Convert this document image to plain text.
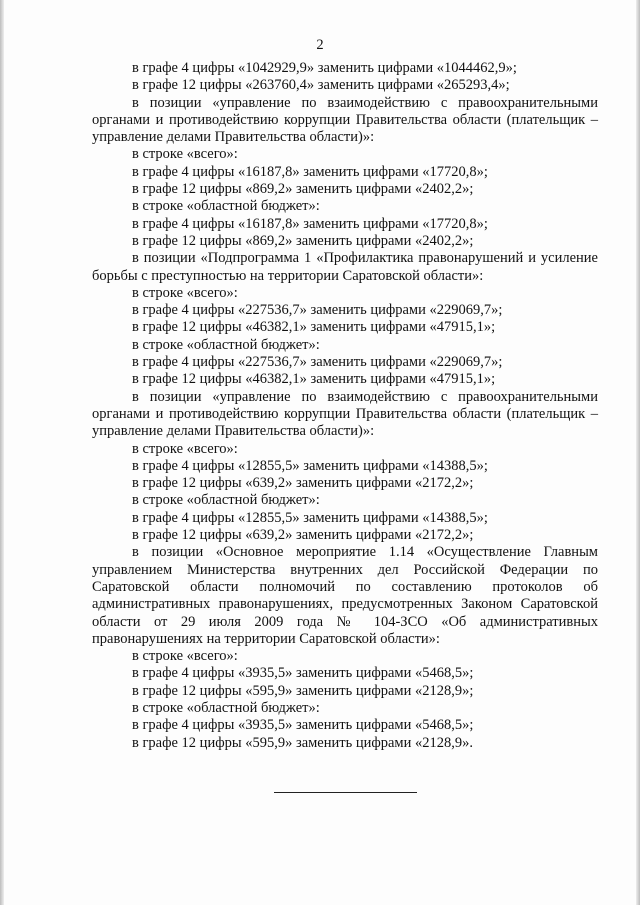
2

в графе 4 цифры «1042929,9» заменить цифрами «1044462,9»;

в графе 12 цифры «263760,4» заменить цифрами «265293,4»;

в позиции «управление по взаимодействию с правоохранительными органами и противодействию коррупции Правительства области (плательщик – управление делами Правительства области)»:

в строке «всего»:

в графе 4 цифры «16187,8» заменить цифрами «17720,8»;

в графе 12 цифры «869,2» заменить цифрами «2402,2»;

в строке «областной бюджет»:

в графе 4 цифры «16187,8» заменить цифрами «17720,8»;

в графе 12 цифры «869,2» заменить цифрами «2402,2»;

в позиции «Подпрограмма 1 «Профилактика правонарушений и усиление борьбы с преступностью на территории Саратовской области»:

в строке «всего»:

в графе 4 цифры «227536,7» заменить цифрами «229069,7»;

в графе 12 цифры «46382,1» заменить цифрами «47915,1»;

в строке «областной бюджет»:

в графе 4 цифры «227536,7» заменить цифрами «229069,7»;

в графе 12 цифры «46382,1» заменить цифрами «47915,1»;

в позиции «управление по взаимодействию с правоохранительными органами и противодействию коррупции Правительства области (плательщик – управление делами Правительства области)»:

в строке «всего»:

в графе 4 цифры «12855,5» заменить цифрами «14388,5»;

в графе 12 цифры «639,2» заменить цифрами «2172,2»;

в строке «областной бюджет»:

в графе 4 цифры «12855,5» заменить цифрами «14388,5»;

в графе 12 цифры «639,2» заменить цифрами «2172,2»;

в позиции «Основное мероприятие 1.14 «Осуществление Главным управлением Министерства внутренних дел Российской Федерации по Саратовской области полномочий по составлению протоколов об административных правонарушениях, предусмотренных Законом Саратовской области от 29 июля 2009 года № 104-ЗСО «Об административных правонарушениях на территории Саратовской области»:

в строке «всего»:

в графе 4 цифры «3935,5» заменить цифрами «5468,5»;

в графе 12 цифры «595,9» заменить цифрами «2128,9»;

в строке «областной бюджет»:

в графе 4 цифры «3935,5» заменить цифрами «5468,5»;

в графе 12 цифры «595,9» заменить цифрами «2128,9».
